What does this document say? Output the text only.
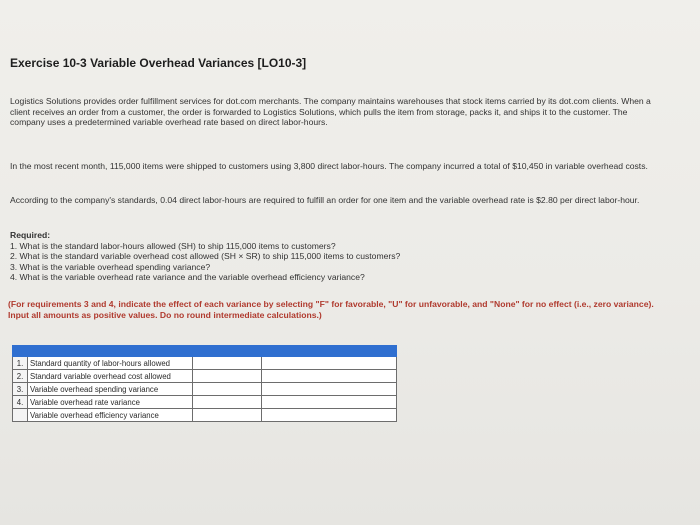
Exercise 10-3 Variable Overhead Variances [LO10-3]

Logistics Solutions provides order fulfillment services for dot.com merchants. The company maintains warehouses that stock items carried by its dot.com clients. When a client receives an order from a customer, the order is forwarded to Logistics Solutions, which pulls the item from storage, packs it, and ships it to the customer. The company uses a predetermined variable overhead rate based on direct labor-hours.

In the most recent month, 115,000 items were shipped to customers using 3,800 direct labor-hours. The company incurred a total of $10,450 in variable overhead costs.

According to the company's standards, 0.04 direct labor-hours are required to fulfill an order for one item and the variable overhead rate is $2.80 per direct labor-hour.

Required:
1. What is the standard labor-hours allowed (SH) to ship 115,000 items to customers?
2. What is the standard variable overhead cost allowed (SH × SR) to ship 115,000 items to customers?
3. What is the variable overhead spending variance?
4. What is the variable overhead rate variance and the variable overhead efficiency variance?

(For requirements 3 and 4, indicate the effect of each variance by selecting "F" for favorable, "U" for unfavorable, and "None" for no effect (i.e., zero variance). Input all amounts as positive values. Do no round intermediate calculations.)

1.	Standard quantity of labor-hours allowed		
2.	Standard variable overhead cost allowed		
3.	Variable overhead spending variance		
4.	Variable overhead rate variance		
	Variable overhead efficiency variance		
